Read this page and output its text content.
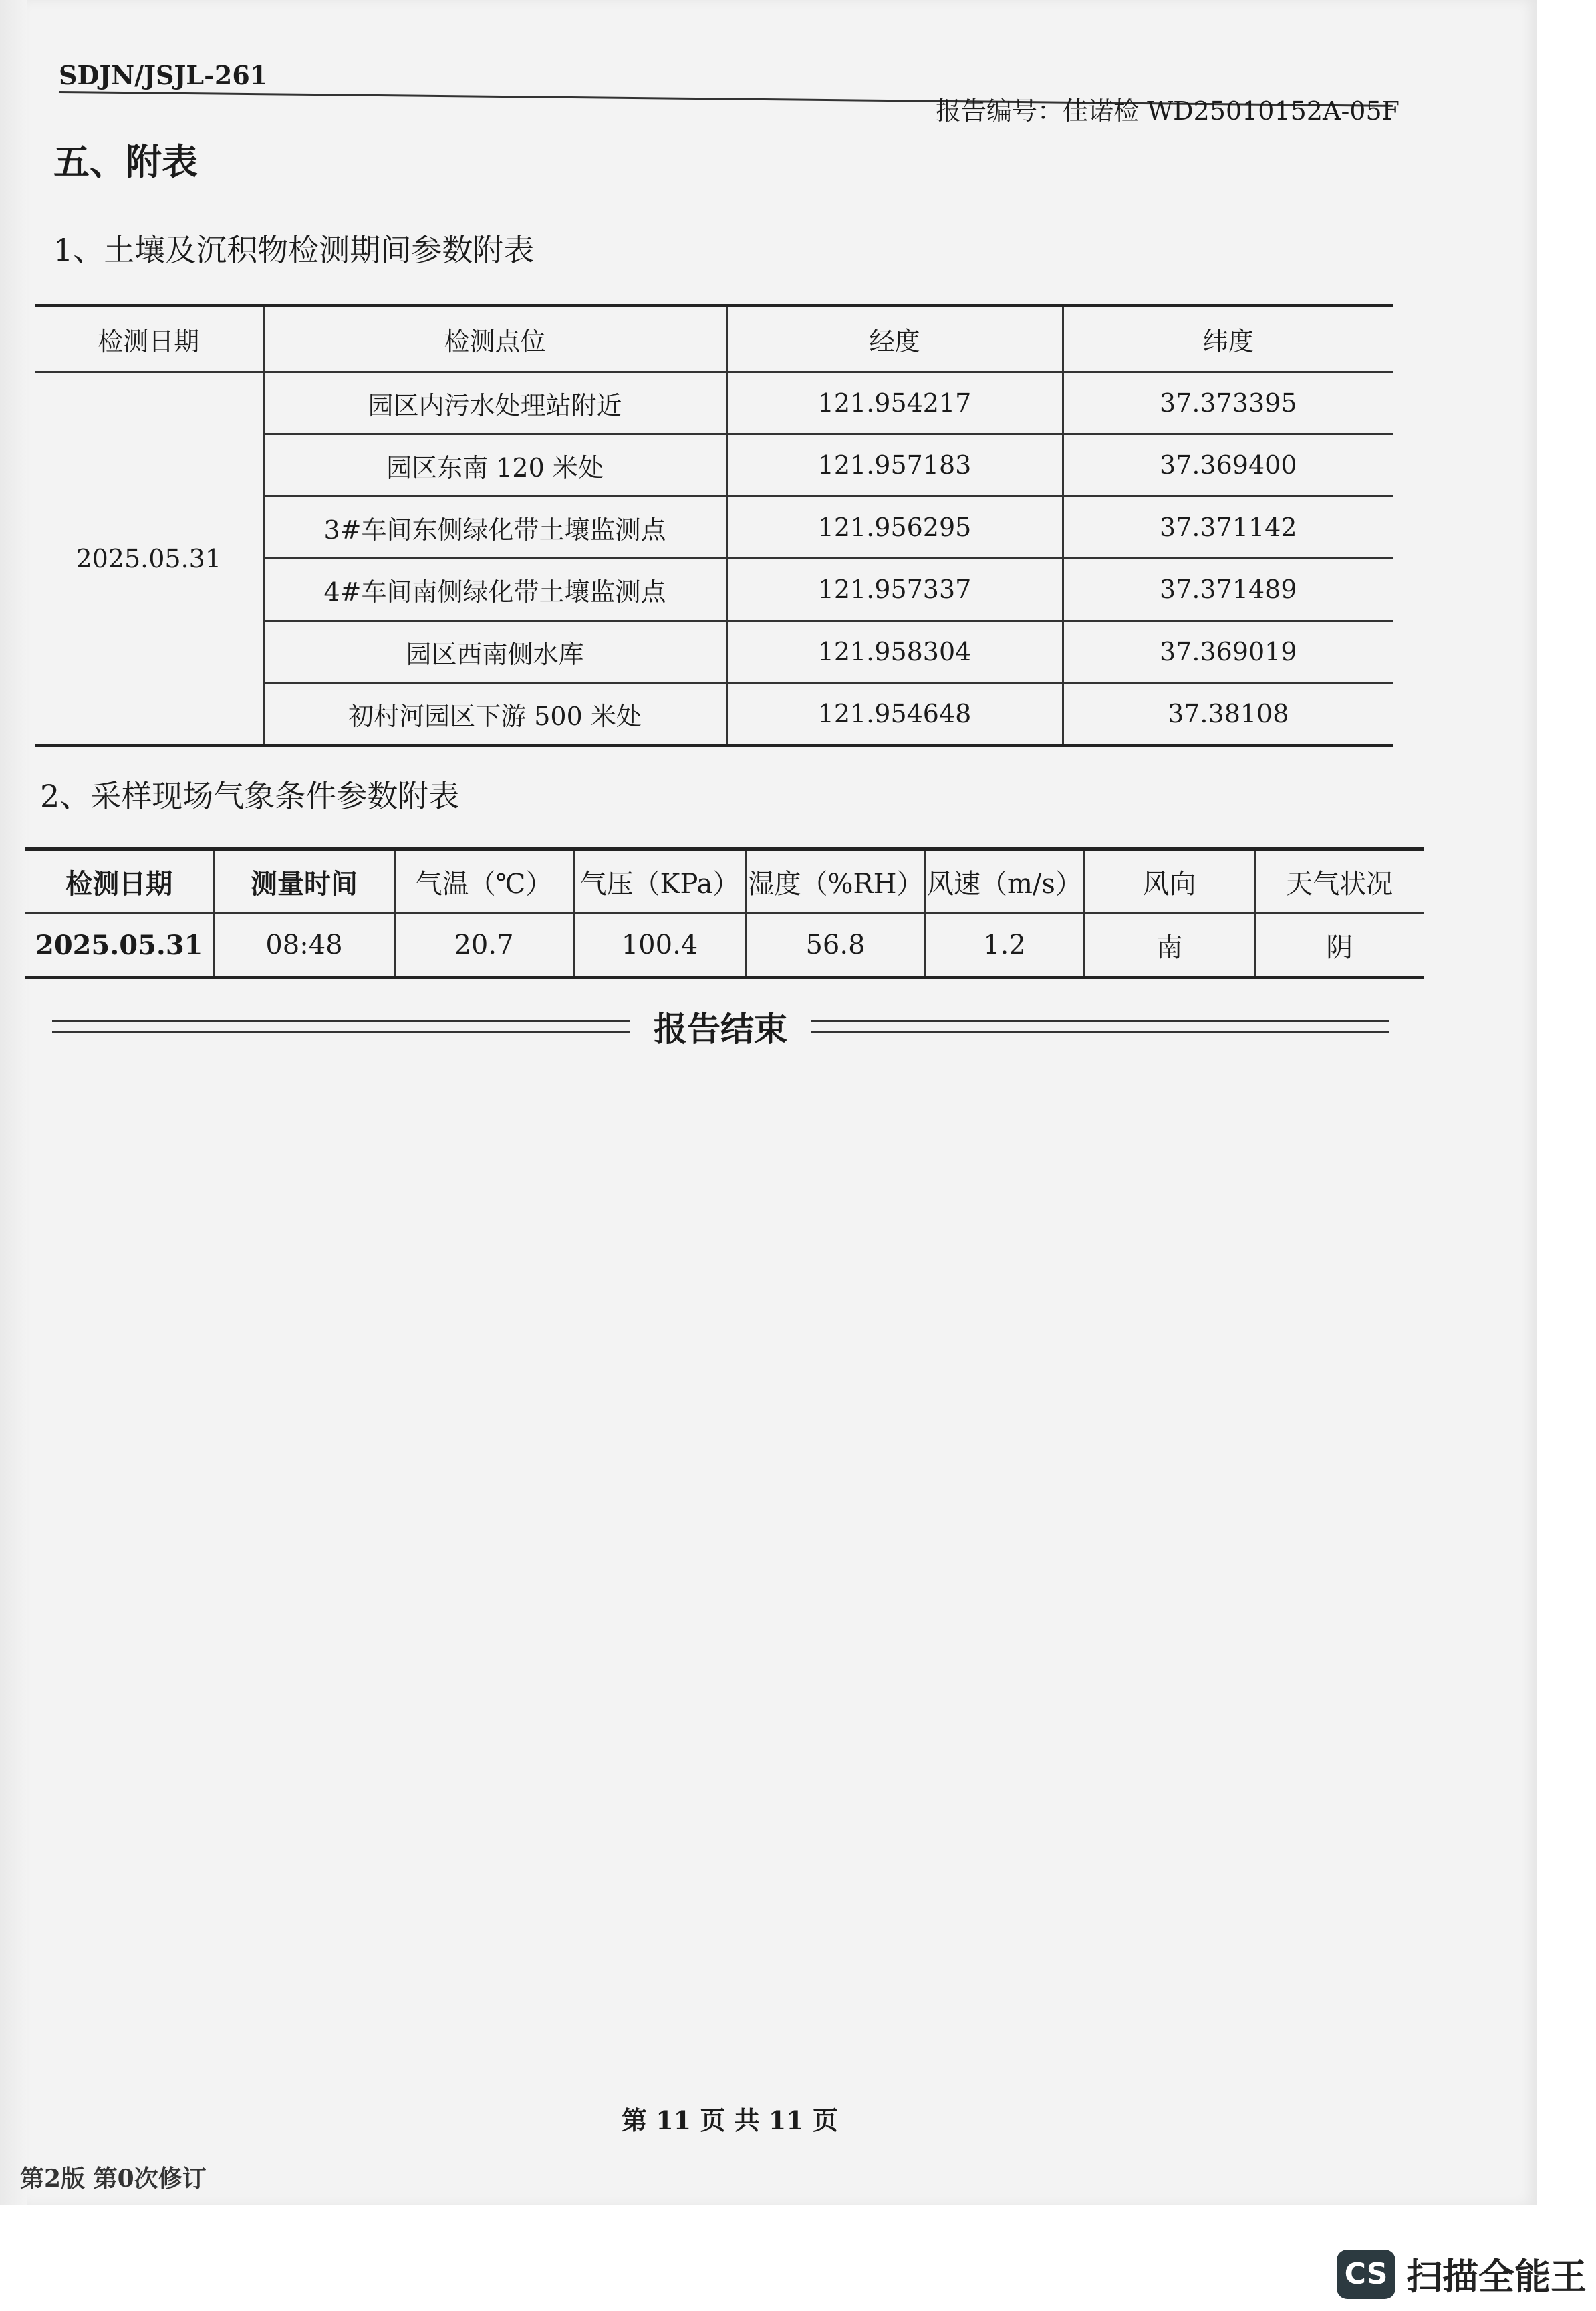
SDJN/JSJL-261
报告编号：佳诺检 WD25010152A-05F
五、附表
1、土壤及沉积物检测期间参数附表
检测日期	检测点位	经度	纬度
2025.05.31	园区内污水处理站附近	121.954217	37.373395
	园区东南 120 米处	121.957183	37.369400
	3#车间东侧绿化带土壤监测点	121.956295	37.371142
	4#车间南侧绿化带土壤监测点	121.957337	37.371489
	园区西南侧水库	121.958304	37.369019
	初村河园区下游 500 米处	121.954648	37.38108
2、采样现场气象条件参数附表
检测日期	测量时间	气温（℃）	气压（KPa）	湿度（%RH）	风速（m/s）	风向	天气状况
2025.05.31	08:48	20.7	100.4	56.8	1.2	南	阴
报告结束
第 11 页 共 11 页
第2版 第0次修订
CS 扫描全能王
